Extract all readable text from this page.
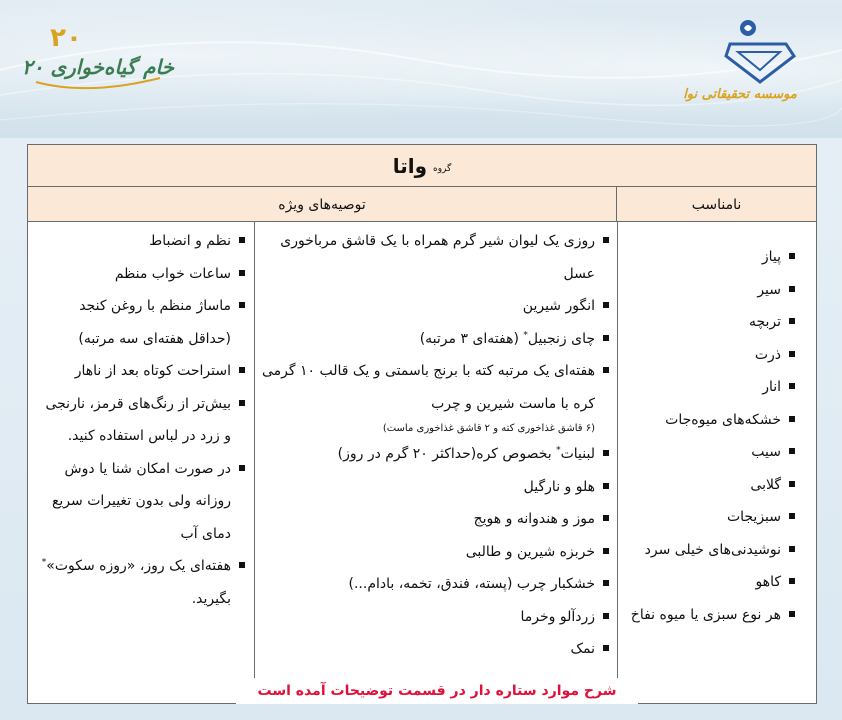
خام گیاه‌خواری ۲۰
۲۰
موسسه تحقیقاتی نوا
گروه
واتا
توصیه‌های ویژه	نامناسب
پیاز
سیر
تربچه
ذرت
انار
خشکه‌های میوه‌جات
سیب
گلابی
سبزیجات
نوشیدنی‌های خیلی سرد
کاهو
هر نوع سبزی یا میوه نفاخ
روزی یک لیوان شیر گرم همراه با یک قاشق مرباخوری عسل
انگور شیرین
چای زنجبیل* (هفته‌ای ۳ مرتبه)
هفته‌ای یک مرتبه کته با برنج باسمتی و یک قالب ۱۰ گرمی کره با ماست شیرین و چرب
(۶ قاشق غذاخوری کته و ۲ قاشق غذاخوری ماست)
لبنیات* بخصوص کره(حداکثر ۲۰ گرم در روز)
هلو و نارگیل
موز و هندوانه و هویج
خربزه شیرین و طالبی
خشکبار چرب (پسته، فندق، تخمه، بادام...)
زردآلو وخرما
نمک
نظم و انضباط
ساعات خواب منظم
ماساژ منظم با روغن کنجد (حداقل هفته‌ای سه مرتبه)
استراحت کوتاه بعد از ناهار
بیش‌تر از رنگ‌های قرمز، نارنجی و زرد در لباس استفاده کنید.
در صورت امکان شنا یا دوش روزانه ولی بدون تغییرات سریع دمای آب
هفته‌ای یک روز، «روزه سکوت»* بگیرید.
شرح موارد ستاره دار در قسمت توضیحات آمده است
